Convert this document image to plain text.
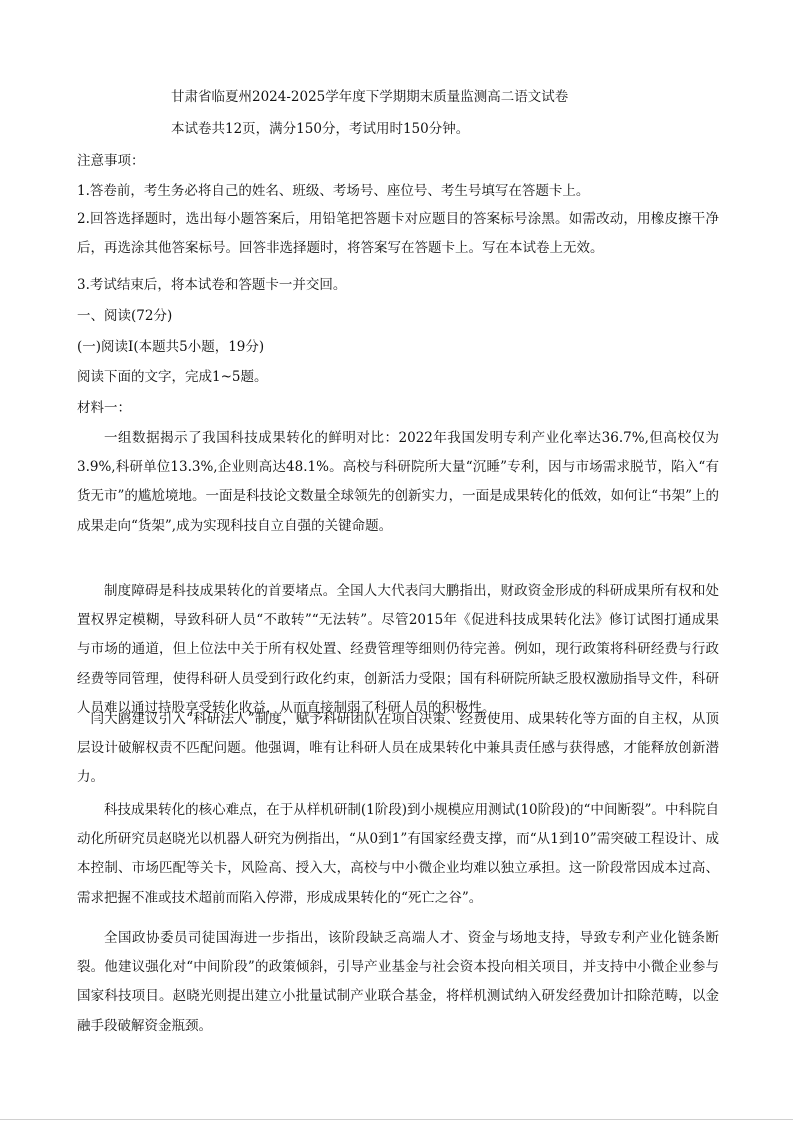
甘肃省临夏州2024-2025学年度下学期期末质量监测高二语文试卷
本试卷共12页，满分150分，考试用时150分钟。
注意事项：
1.答卷前，考生务必将自己的姓名、班级、考场号、座位号、考生号填写在答题卡上。
2.回答选择题时，选出每小题答案后，用铅笔把答题卡对应题目的答案标号涂黑。如需改动，用橡皮擦干净后，再选涂其他答案标号。回答非选择题时，将答案写在答题卡上。写在本试卷上无效。
3.考试结束后，将本试卷和答题卡一并交回。
一、阅读(72分)
(一)阅读Ⅰ(本题共5小题，19分)
阅读下面的文字，完成1~5题。
材料一：
一组数据揭示了我国科技成果转化的鲜明对比：2022年我国发明专利产业化率达36.7%,但高校仅为3.9%,科研单位13.3%,企业则高达48.1%。高校与科研院所大量“沉睡”专利，因与市场需求脱节，陷入“有货无市”的尴尬境地。一面是科技论文数量全球领先的创新实力，一面是成果转化的低效，如何让“书架”上的成果走向“货架”,成为实现科技自立自强的关键命题。
制度障碍是科技成果转化的首要堵点。全国人大代表闫大鹏指出，财政资金形成的科研成果所有权和处置权界定模糊，导致科研人员“不敢转”“无法转”。尽管2015年《促进科技成果转化法》修订试图打通成果与市场的通道，但上位法中关于所有权处置、经费管理等细则仍待完善。例如，现行政策将科研经费与行政经费等同管理，使得科研人员受到行政化约束，创新活力受限；国有科研院所缺乏股权激励指导文件，科研人员难以通过持股享受转化收益，从而直接制弱了科研人员的积极性。
闫大鸥建议引入“科研法人”制度，赋予科研团队在项目决策、经费使用、成果转化等方面的自主权，从顶层设计破解权责不匹配问题。他强调，唯有让科研人员在成果转化中兼具责任感与获得感，才能释放创新潜力。
科技成果转化的核心难点，在于从样机研制(1阶段)到小规模应用测试(10阶段)的“中间断裂”。中科院自动化所研究员赵晓光以机器人研究为例指出，“从0到1”有国家经费支撑，而“从1到10”需突破工程设计、成本控制、市场匹配等关卡，风险高、授入大，高校与中小微企业均难以独立承担。这一阶段常因成本过高、需求把握不准或技术超前而陷入停滞，形成成果转化的“死亡之谷”。
全国政协委员司徒国海进一步指出，该阶段缺乏高端人才、资金与场地支持，导致专利产业化链条断裂。他建议强化对“中间阶段”的政策倾斜，引导产业基金与社会资本投向相关项目，并支持中小微企业参与国家科技项目。赵晓光则提出建立小批量试制产业联合基金，将样机测试纳入研发经费加计扣除范畴，以金融手段破解资金瓶颈。
